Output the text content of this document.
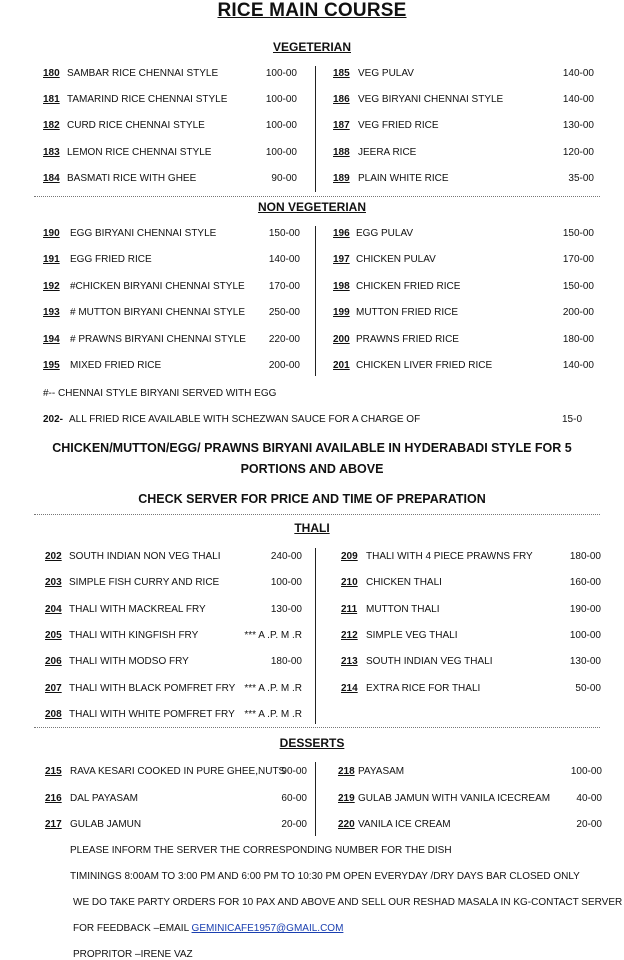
RICE MAIN COURSE
VEGETERIAN
180 SAMBAR RICE CHENNAI STYLE	100-00
181 TAMARIND RICE CHENNAI STYLE	100-00
182 CURD RICE CHENNAI STYLE	100-00
183 LEMON RICE CHENNAI STYLE	100-00
184 BASMATI RICE WITH GHEE	90-00
185 VEG PULAV	140-00
186 VEG BIRYANI CHENNAI STYLE	140-00
187 VEG FRIED RICE	130-00
188 JEERA RICE	120-00
189 PLAIN WHITE RICE	35-00
NON VEGETERIAN
190 EGG BIRYANI CHENNAI STYLE	150-00
191 EGG FRIED RICE	140-00
192 #CHICKEN BIRYANI CHENNAI STYLE	170-00
193 # MUTTON BIRYANI CHENNAI STYLE	250-00
194 # PRAWNS BIRYANI CHENNAI STYLE	220-00
195 MIXED FRIED RICE	200-00
196 EGG PULAV	150-00
197 CHICKEN PULAV	170-00
198 CHICKEN FRIED RICE	150-00
199 MUTTON FRIED RICE	200-00
200 PRAWNS FRIED RICE	180-00
201 CHICKEN LIVER FRIED RICE	140-00
#-- CHENNAI STYLE BIRYANI SERVED WITH EGG
202- ALL FRIED RICE AVAILABLE WITH SCHEZWAN SAUCE FOR A CHARGE OF	15-0
CHICKEN/MUTTON/EGG/ PRAWNS BIRYANI AVAILABLE IN HYDERABADI STYLE FOR 5
PORTIONS AND ABOVE
CHECK SERVER FOR PRICE AND TIME OF PREPARATION
THALI
202 SOUTH INDIAN NON VEG THALI	240-00
203 SIMPLE FISH CURRY AND RICE	100-00
204 THALI WITH MACKREAL FRY	130-00
205 THALI WITH KINGFISH FRY	*** A .P. M .R
206 THALI WITH MODSO FRY	180-00
207 THALI WITH BLACK POMFRET FRY *** A .P. M .R
208 THALI WITH WHITE POMFRET FRY *** A .P. M .R
209 THALI WITH 4 PIECE PRAWNS FRY	180-00
210 CHICKEN THALI	160-00
211 MUTTON THALI	190-00
212 SIMPLE VEG THALI	100-00
213 SOUTH INDIAN VEG THALI	130-00
214 EXTRA RICE FOR THALI	50-00
DESSERTS
215 RAVA KESARI COOKED IN PURE GHEE,NUTS
90-00
216 DAL PAYASAM	60-00
217 GULAB JAMUN	20-00
218 PAYASAM	100-00
219 GULAB JAMUN WITH VANILA ICECREAM	40-00
220 VANILA ICE CREAM	20-00
PLEASE INFORM THE SERVER THE CORRESPONDING NUMBER FOR THE DISH
TIMININGS 8:00AM TO 3:00 PM AND 6:00 PM TO 10:30 PM OPEN EVERYDAY /DRY DAYS BAR CLOSED ONLY
WE DO TAKE PARTY ORDERS FOR 10 PAX AND ABOVE AND SELL OUR RESHAD MASALA IN KG-CONTACT SERVER
FOR FEEDBACK –EMAIL GEMINICAFE1957@GMAIL.COM
PROPRITOR –IRENE VAZ
